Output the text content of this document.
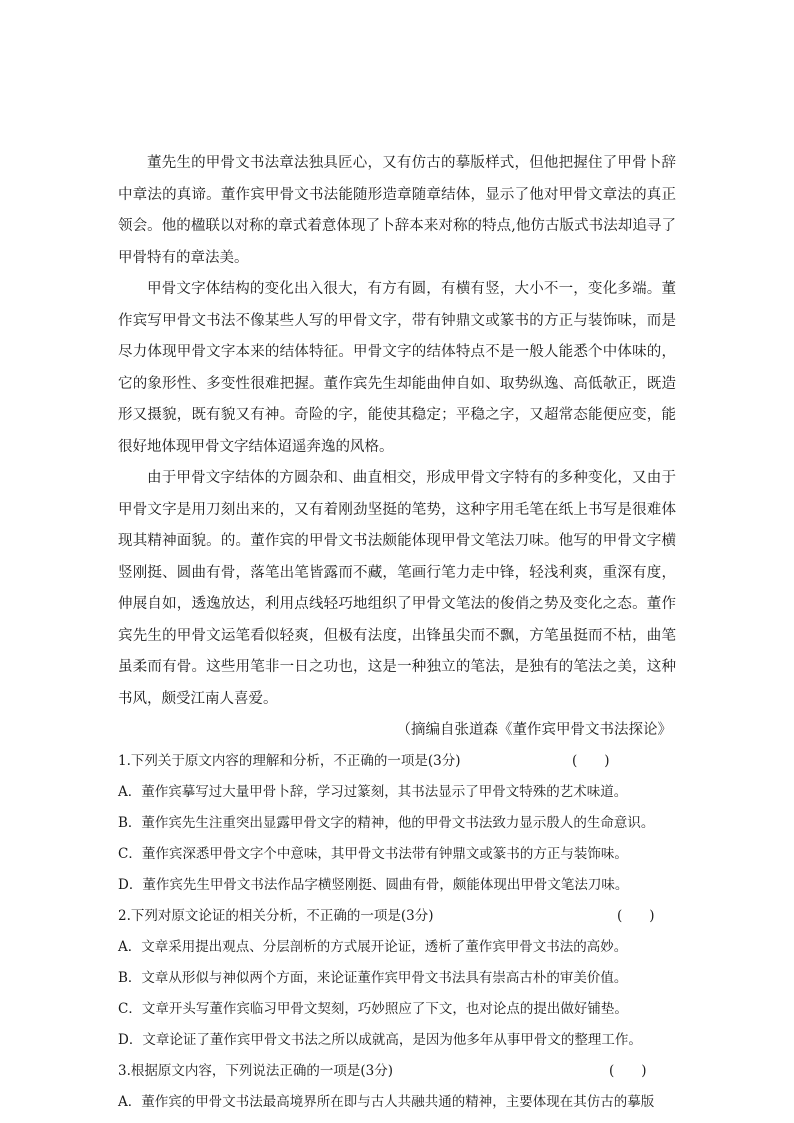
董先生的甲骨文书法章法独具匠心，又有仿古的摹版样式，但他把握住了甲骨卜辞中章法的真谛。董作宾甲骨文书法能随形造章随章结体，显示了他对甲骨文章法的真正领会。他的楹联以对称的章式着意体现了卜辞本来对称的特点,他仿古版式书法却追寻了甲骨特有的章法美。

甲骨文字体结构的变化出入很大，有方有圆，有横有竖，大小不一，变化多端。董作宾写甲骨文书法不像某些人写的甲骨文字，带有钟鼎文或篆书的方正与装饰味，而是尽力体现甲骨文字本来的结体特征。甲骨文字的结体特点不是一般人能悉个中体味的，它的象形性、多变性很难把握。董作宾先生却能曲伸自如、取势纵逸、高低欹正，既造形又摄貌，既有貌又有神。奇险的字，能使其稳定；平稳之字，又超常态能便应变，能很好地体现甲骨文字结体迢遥奔逸的风格。

由于甲骨文字结体的方圆杂和、曲直相交，形成甲骨文字特有的多种变化，又由于甲骨文字是用刀刻出来的，又有着刚劲坚挺的笔势，这种字用毛笔在纸上书写是很难体现其精神面貌。的。董作宾的甲骨文书法颇能体现甲骨文笔法刀味。他写的甲骨文字横竖刚挺、圆曲有骨，落笔出笔皆露而不藏，笔画行笔力走中锋，轻浅利爽，重深有度，伸展自如，透逸放达，利用点线轻巧地组织了甲骨文笔法的俊俏之势及变化之态。董作宾先生的甲骨文运笔看似轻爽，但极有法度，出锋虽尖而不飘，方笔虽挺而不枯，曲笔虽柔而有骨。这些用笔非一日之功也，这是一种独立的笔法，是独有的笔法之美，这种书风，颇受江南人喜爱。

（摘编自张道森《董作宾甲骨文书法探论》

1.下列关于原文内容的理解和分析，不正确的一项是(3分)	(　　)

A．董作宾摹写过大量甲骨卜辞，学习过篆刻，其书法显示了甲骨文特殊的艺术味道。

B．董作宾先生注重突出显露甲骨文字的精神，他的甲骨文书法致力显示殷人的生命意识。

C．董作宾深悉甲骨文字个中意味，其甲骨文书法带有钟鼎文或篆书的方正与装饰味。

D．董作宾先生甲骨文书法作品字横竖刚挺、圆曲有骨，颇能体现出甲骨文笔法刀味。

2.下列对原文论证的相关分析，不正确的一项是(3分)	(　　)

A．文章采用提出观点、分层剖析的方式展开论证，透析了董作宾甲骨文书法的高妙。

B．文章从形似与神似两个方面，来论证董作宾甲骨文书法具有崇高古朴的审美价值。

C．文章开头写董作宾临习甲骨文契刻，巧妙照应了下文，也对论点的提出做好铺垫。

D．文章论证了董作宾甲骨文书法之所以成就高，是因为他多年从事甲骨文的整理工作。

3.根据原文内容，下列说法正确的一项是(3分)	(　　)

A．董作宾的甲骨文书法最高境界所在即与古人共融共通的精神，主要体现在其仿古的摹版
